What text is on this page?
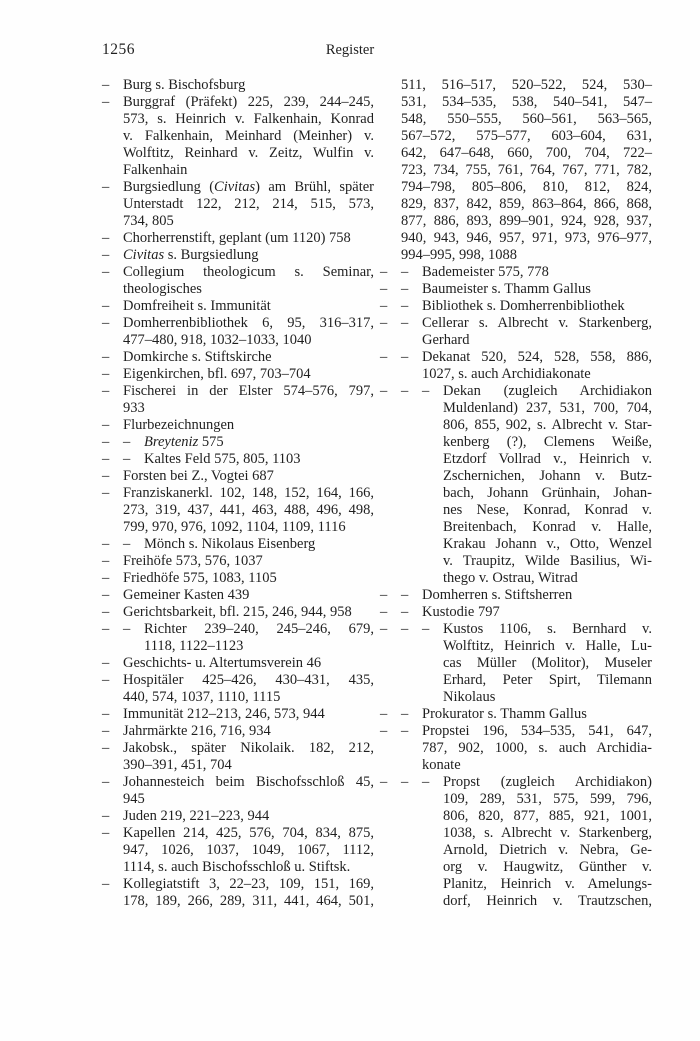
1256	Register
– Burg s. Bischofsburg
– Burggraf (Präfekt) 225, 239, 244–245,
573, s. Heinrich v. Falkenhain, Konrad
v. Falkenhain, Meinhard (Meinher) v.
Wolftitz, Reinhard v. Zeitz, Wulfin v.
Falkenhain
– Burgsiedlung (Civitas) am Brühl, später
Unterstadt 122, 212, 214, 515, 573,
734, 805
– Chorherrenstift, geplant (um 1120) 758
– Civitas s. Burgsiedlung
– Collegium theologicum s. Seminar,
theologisches
– Domfreiheit s. Immunität
– Domherrenbibliothek 6, 95, 316–317,
477–480, 918, 1032–1033, 1040
– Domkirche s. Stiftskirche
– Eigenkirchen, bfl. 697, 703–704
– Fischerei in der Elster 574–576, 797,
933
– Flurbezeichnungen
– – Breyteniz 575
– – Kaltes Feld 575, 805, 1103
– Forsten bei Z., Vogtei 687
– Franziskanerkl. 102, 148, 152, 164, 166,
273, 319, 437, 441, 463, 488, 496, 498,
799, 970, 976, 1092, 1104, 1109, 1116
– – Mönch s. Nikolaus Eisenberg
– Freihöfe 573, 576, 1037
– Friedhöfe 575, 1083, 1105
– Gemeiner Kasten 439
– Gerichtsbarkeit, bfl. 215, 246, 944, 958
– – Richter 239–240, 245–246, 679,
1118, 1122–1123
– Geschichts- u. Altertumsverein 46
– Hospitäler 425–426, 430–431, 435,
440, 574, 1037, 1110, 1115
– Immunität 212–213, 246, 573, 944
– Jahrmärkte 216, 716, 934
– Jakobsk., später Nikolaik. 182, 212,
390–391, 451, 704
– Johannesteich beim Bischofsschloß 45,
945
– Juden 219, 221–223, 944
– Kapellen 214, 425, 576, 704, 834, 875,
947, 1026, 1037, 1049, 1067, 1112,
1114, s. auch Bischofsschloß u. Stiftsk.
– Kollegiatstift 3, 22–23, 109, 151, 169,
178, 189, 266, 289, 311, 441, 464, 501,
511, 516–517, 520–522, 524, 530–
531, 534–535, 538, 540–541, 547–
548, 550–555, 560–561, 563–565,
567–572, 575–577, 603–604, 631,
642, 647–648, 660, 700, 704, 722–
723, 734, 755, 761, 764, 767, 771, 782,
794–798, 805–806, 810, 812, 824,
829, 837, 842, 859, 863–864, 866, 868,
877, 886, 893, 899–901, 924, 928, 937,
940, 943, 946, 957, 971, 973, 976–977,
994–995, 998, 1088
– – Bademeister 575, 778
– – Baumeister s. Thamm Gallus
– – Bibliothek s. Domherrenbibliothek
– – Cellerar s. Albrecht v. Starkenberg,
Gerhard
– – Dekanat 520, 524, 528, 558, 886,
1027, s. auch Archidiakonate
– – – Dekan (zugleich Archidiakon
Muldenland) 237, 531, 700, 704,
806, 855, 902, s. Albrecht v. Star-
kenberg (?), Clemens Weiße,
Etzdorf Vollrad v., Heinrich v.
Zschernichen, Johann v. Butz-
bach, Johann Grünhain, Johan-
nes Nese, Konrad, Konrad v.
Breitenbach, Konrad v. Halle,
Krakau Johann v., Otto, Wenzel
v. Traupitz, Wilde Basilius, Wi-
thego v. Ostrau, Witrad
– – Domherren s. Stiftsherren
– – Kustodie 797
– – – Kustos 1106, s. Bernhard v.
Wolftitz, Heinrich v. Halle, Lu-
cas Müller (Molitor), Museler
Erhard, Peter Spirt, Tilemann
Nikolaus
– – Prokurator s. Thamm Gallus
– – Propstei 196, 534–535, 541, 647,
787, 902, 1000, s. auch Archidia-
konate
– – – Propst (zugleich Archidiakon)
109, 289, 531, 575, 599, 796,
806, 820, 877, 885, 921, 1001,
1038, s. Albrecht v. Starkenberg,
Arnold, Dietrich v. Nebra, Ge-
org v. Haugwitz, Günther v.
Planitz, Heinrich v. Amelungs-
dorf, Heinrich v. Trautzschen,
